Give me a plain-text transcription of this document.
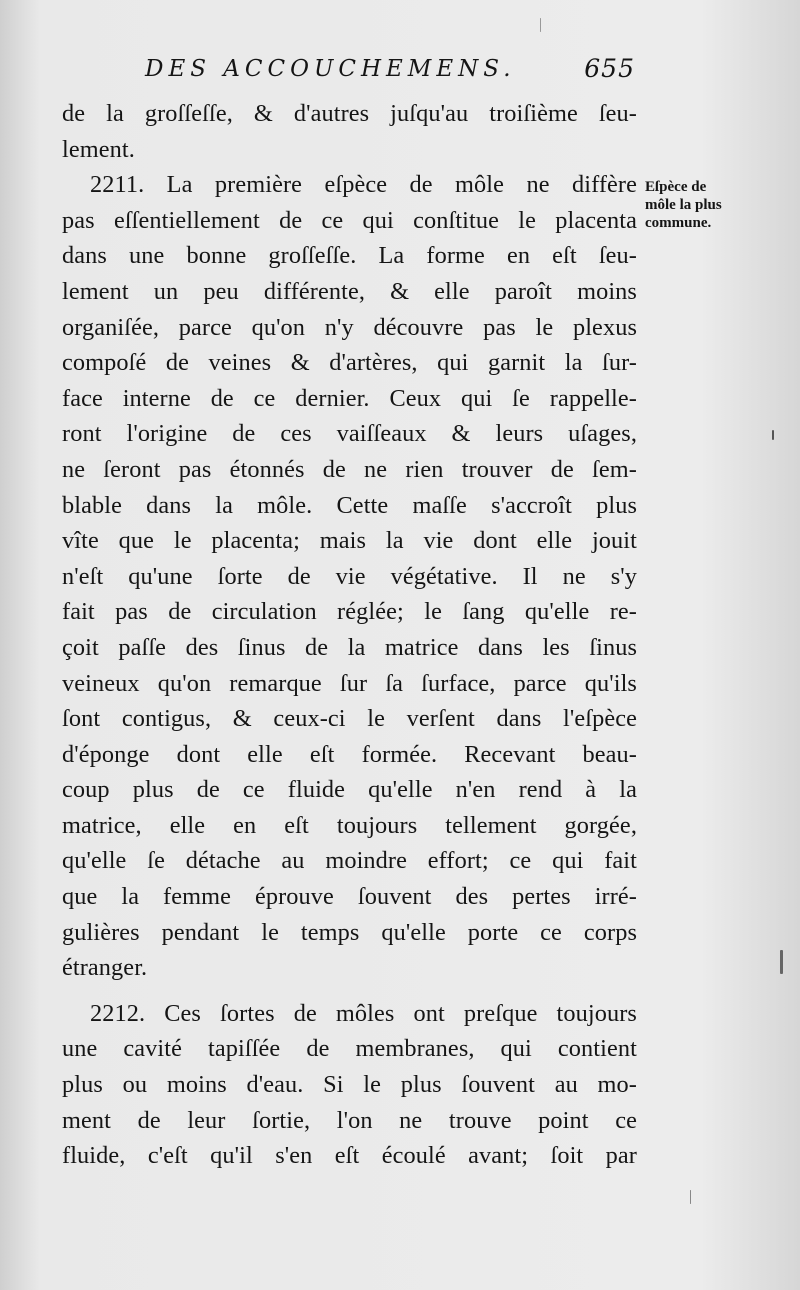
DES ACCOUCHEMENS.	655
Eſpèce de
môle la plus
commune.
de la groſſeſſe, & d'autres juſqu'au troiſième ſeu-
lement.
2211. La première eſpèce de môle ne diffère
pas eſſentiellement de ce qui conſtitue le placenta
dans une bonne groſſeſſe. La forme en eſt ſeu-
lement un peu différente, & elle paroît moins
organiſée, parce qu'on n'y découvre pas le plexus
compoſé de veines & d'artères, qui garnit la ſur-
face interne de ce dernier. Ceux qui ſe rappelle-
ront l'origine de ces vaiſſeaux & leurs uſages,
ne ſeront pas étonnés de ne rien trouver de ſem-
blable dans la môle. Cette maſſe s'accroît plus
vîte que le placenta; mais la vie dont elle jouit
n'eſt qu'une ſorte de vie végétative. Il ne s'y
fait pas de circulation réglée; le ſang qu'elle re-
çoit paſſe des ſinus de la matrice dans les ſinus
veineux qu'on remarque ſur ſa ſurface, parce qu'ils
ſont contigus, & ceux-ci le verſent dans l'eſpèce
d'éponge dont elle eſt formée. Recevant beau-
coup plus de ce fluide qu'elle n'en rend à la
matrice, elle en eſt toujours tellement gorgée,
qu'elle ſe détache au moindre effort; ce qui fait
que la femme éprouve ſouvent des pertes irré-
gulières pendant le temps qu'elle porte ce corps
étranger.
2212. Ces ſortes de môles ont preſque toujours
une cavité tapiſſée de membranes, qui contient
plus ou moins d'eau. Si le plus ſouvent au mo-
ment de leur ſortie, l'on ne trouve point ce
fluide, c'eſt qu'il s'en eſt écoulé avant; ſoit par
